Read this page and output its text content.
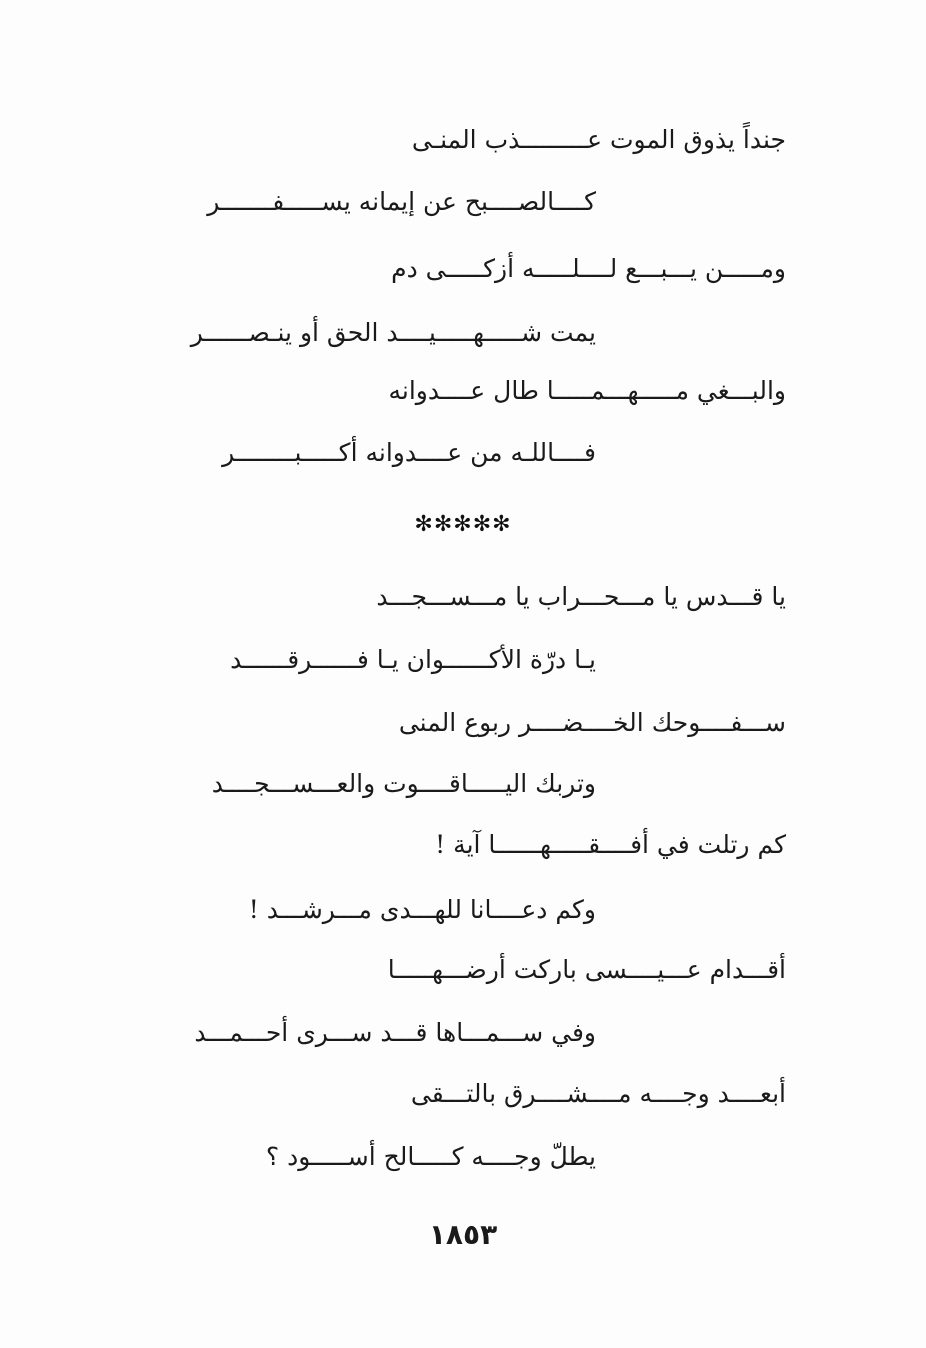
جنداً يذوق الموت عـــــــــذب المنـى
كــــالصــــبح عن إيمانه يســـــفـــــــر
ومـــــن يـــبـــع لــــلـــــه أزكـــــى دم
يمت شـــــهـــــيــــد الحق أو ينـصــــــر
والبـــغي مـــــهـــمـــــا طال عــــدوانه
فــــاللـه من عــــدوانه أكـــــبــــــــر
✻✻✻✻✻
يا قـــدس يا مـــحـــراب يا مـــســـجـــد
يـا درّة الأكــــــوان يـا فــــــرقــــــد
ســـفــــوحك الخــــضــــر ربوع المنى
وتربك اليـــــاقــــوت والعـــســـجــــد
كم رتلت في أفــــقـــــهــــــا آية !
وكم دعــــانا للهـــدى مـــرشـــد !
أقـــدام عـــيــــسى باركت أرضـــهـــــا
وفي ســـمـــاها قـــد ســـرى أحـــمـــد
أبعــــد وجــــه مــــشــــرق بالتـــقى
يطلّ وجــــه كـــــالح أســـــود ؟
١٨٥٣
